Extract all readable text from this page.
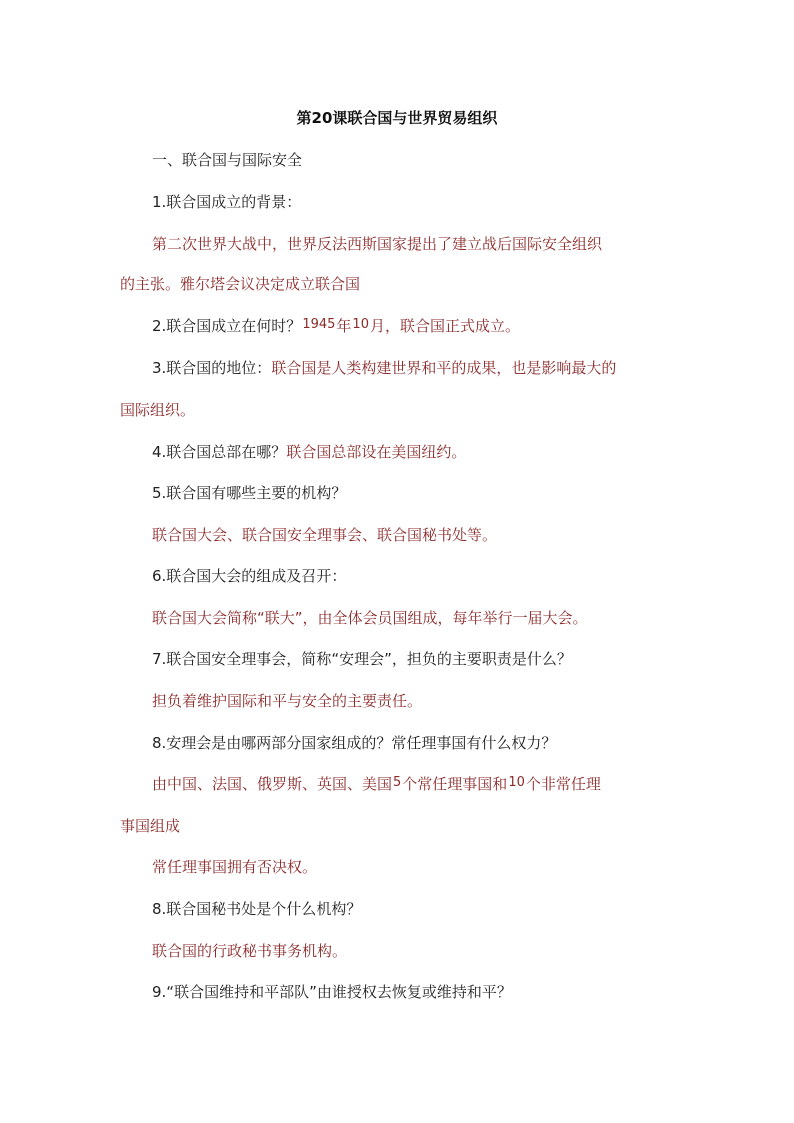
第20课联合国与世界贸易组织

一、联合国与国际安全

1.联合国成立的背景：

第二次世界大战中，世界反法西斯国家提出了建立战后国际安全组织

的主张。雅尔塔会议决定成立联合国

2.联合国成立在何时？1945年10月，联合国正式成立。

3.联合国的地位：联合国是人类构建世界和平的成果，也是影响最大的

国际组织。

4.联合国总部在哪？联合国总部设在美国纽约。

5.联合国有哪些主要的机构？

联合国大会、联合国安全理事会、联合国秘书处等。

6.联合国大会的组成及召开：

联合国大会简称“联大”，由全体会员国组成，每年举行一届大会。

7.联合国安全理事会，简称“安理会”，担负的主要职责是什么？

担负着维护国际和平与安全的主要责任。

8.安理会是由哪两部分国家组成的？常任理事国有什么权力？

由中国、法国、俄罗斯、英国、美国5个常任理事国和10个非常任理

事国组成

常任理事国拥有否决权。

8.联合国秘书处是个什么机构？

联合国的行政秘书事务机构。

9.“联合国维持和平部队”由谁授权去恢复或维持和平？
